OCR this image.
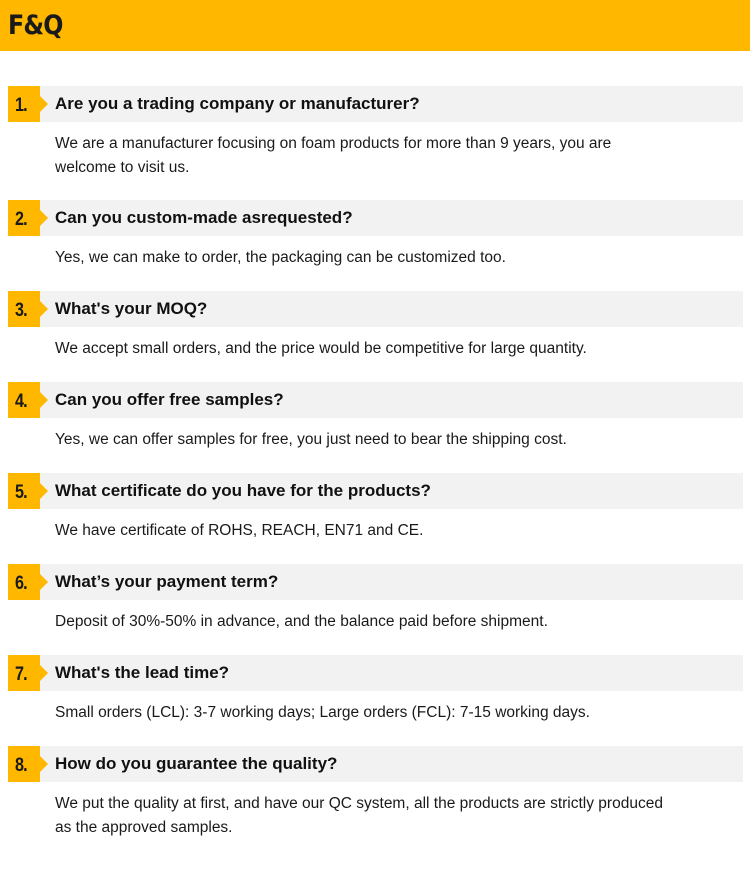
F&Q
1. Are you a trading company or manufacturer?
We are a manufacturer focusing on foam products for more than 9 years, you are welcome to visit us.
2. Can you custom-made asrequested?
Yes, we can make to order, the packaging can be customized too.
3. What's your MOQ?
We accept small orders, and the price would be competitive for large quantity.
4. Can you offer free samples?
Yes, we can offer samples for free, you just need to bear the shipping cost.
5. What certificate do you have for the products?
We have certificate of ROHS, REACH, EN71 and CE.
6. What’s your payment term?
Deposit of 30%-50% in advance, and the balance paid before shipment.
7. What's the lead time?
Small orders (LCL): 3-7 working days; Large orders (FCL): 7-15 working days.
8. How do you guarantee the quality?
We put the quality at first, and have our QC system, all the products are strictly produced as the approved samples.
